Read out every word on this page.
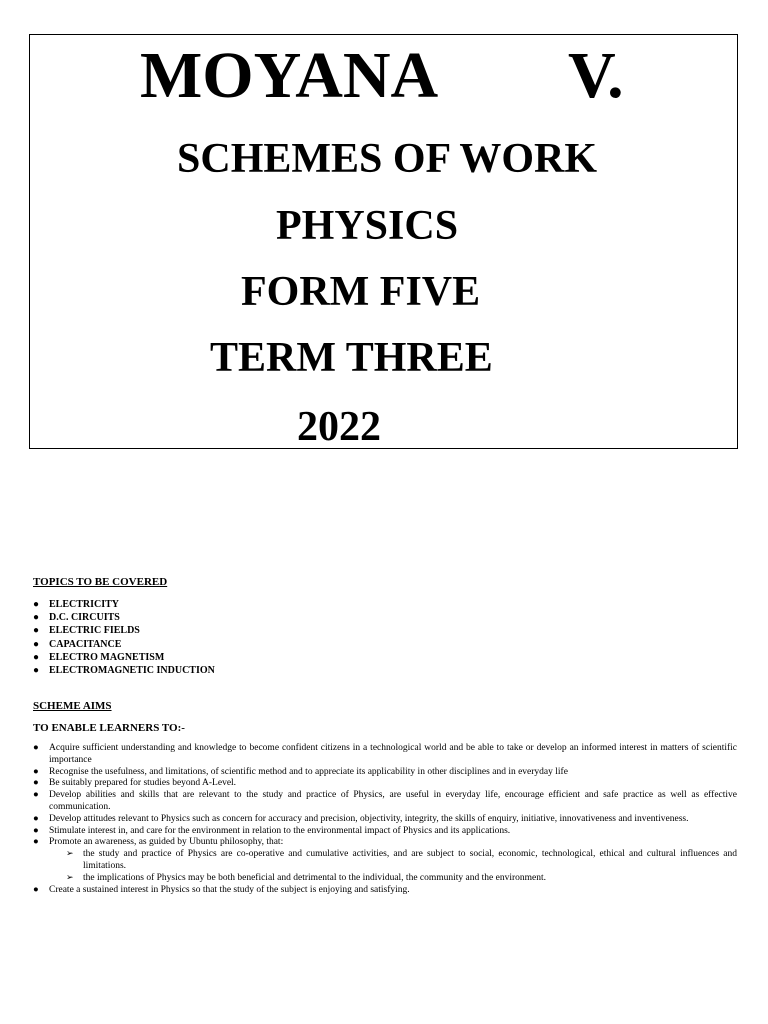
MOYANA V.
SCHEMES OF WORK
PHYSICS
FORM FIVE
TERM THREE
2022
TOPICS TO BE COVERED
● ELECTRICITY
● D.C. CIRCUITS
● ELECTRIC FIELDS
● CAPACITANCE
● ELECTRO MAGNETISM
● ELECTROMAGNETIC INDUCTION
SCHEME AIMS
TO ENABLE LEARNERS TO:-
● Acquire sufficient understanding and knowledge to become confident citizens in a technological world and be able to take or develop an informed interest in matters of scientific importance
● Recognise the usefulness, and limitations, of scientific method and to appreciate its applicability in other disciplines and in everyday life
● Be suitably prepared for studies beyond A-Level.
● Develop abilities and skills that are relevant to the study and practice of Physics, are useful in everyday life, encourage efficient and safe practice as well as effective communication.
● Develop attitudes relevant to Physics such as concern for accuracy and precision, objectivity, integrity, the skills of enquiry, initiative, innovativeness and inventiveness.
● Stimulate interest in, and care for the environment in relation to the environmental impact of Physics and its applications.
● Promote an awareness, as guided by Ubuntu philosophy, that:
➢ the study and practice of Physics are co-operative and cumulative activities, and are subject to social, economic, technological, ethical and cultural influences and limitations.
➢ the implications of Physics may be both beneficial and detrimental to the individual, the community and the environment.
● Create a sustained interest in Physics so that the study of the subject is enjoying and satisfying.
